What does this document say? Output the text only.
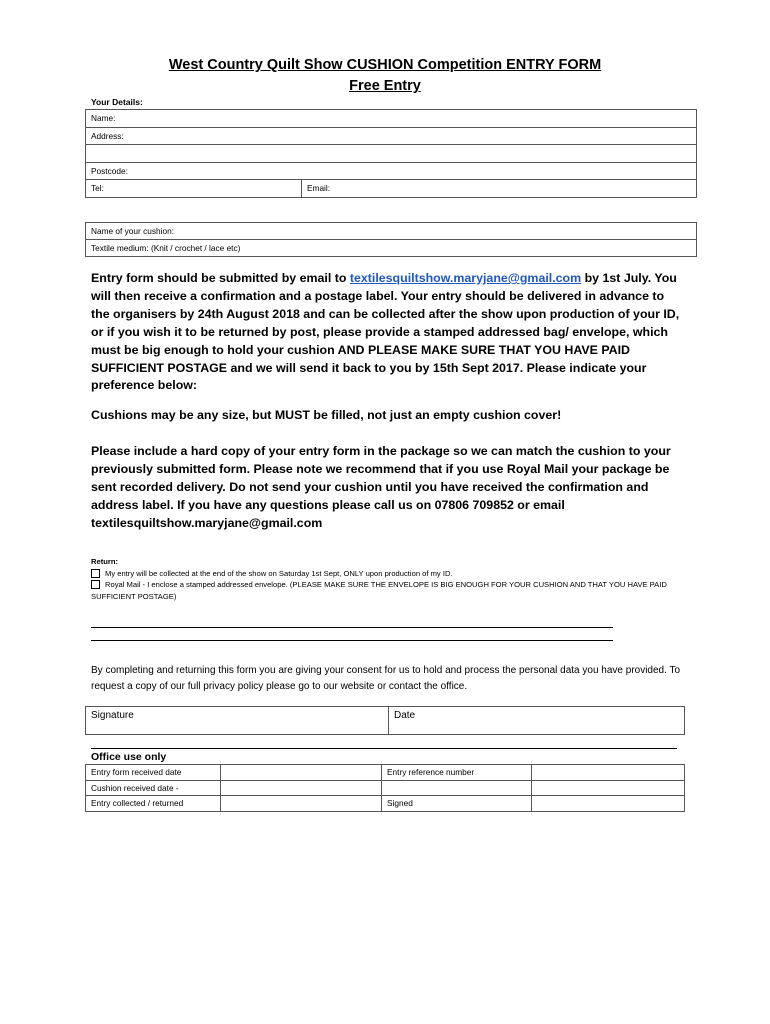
West Country Quilt Show CUSHION Competition ENTRY FORM
Free Entry
Your Details:
Name:
Address:

Postcode:
Tel:	Email:
Name of your cushion:
Textile medium: (Knit / crochet / lace etc)
Entry form should be submitted by email to textilesquiltshow.maryjane@gmail.com by 1st July. You will then receive a confirmation and a postage label. Your entry should be delivered in advance to the organisers by 24th August 2018 and can be collected after the show upon production of your ID, or if you wish it to be returned by post, please provide a stamped addressed bag/ envelope, which must be big enough to hold your cushion AND PLEASE MAKE SURE THAT YOU HAVE PAID SUFFICIENT POSTAGE and we will send it back to you by 15th Sept 2017. Please indicate your preference below:
Cushions may be any size, but MUST be filled, not just an empty cushion cover!
Please include a hard copy of your entry form in the package so we can match the cushion to your previously submitted form. Please note we recommend that if you use Royal Mail your package be sent recorded delivery. Do not send your cushion until you have received the confirmation and address label. If you have any questions please call us on 07806 709852 or email textilesquiltshow.maryjane@gmail.com
Return:
My entry will be collected at the end of the show on Saturday 1st Sept, ONLY upon production of my ID.
Royal Mail - I enclose a stamped addressed envelope. (PLEASE MAKE SURE THE ENVELOPE IS BIG ENOUGH FOR YOUR CUSHION AND THAT YOU HAVE PAID SUFFICIENT POSTAGE)
By completing and returning this form you are giving your consent for us to hold and process the personal data you have provided. To request a copy of our full privacy policy please go to our website or contact the office.
Signature	Date
Office use only
Entry form received date		Entry reference number	
Cushion received date -			
Entry collected / returned		Signed	
